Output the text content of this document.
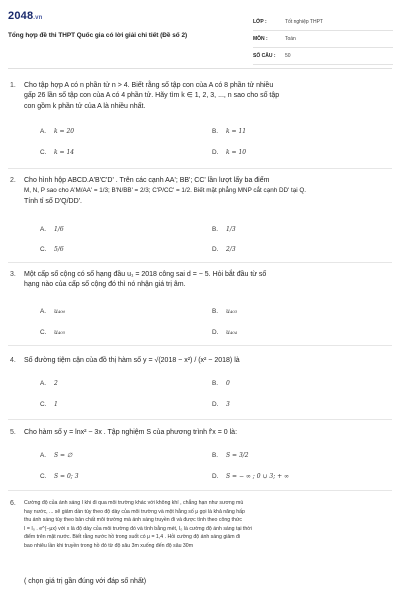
2048.vn
Tổng hợp đề thi THPT Quốc gia có lời giải chi tiết (Đề số 2)
LỚP :	Tốt nghiệp THPT
MÔN :	Toán
SỐ CÂU :	50
1. Cho tập hợp A có n phần tử n > 4. Biết rằng số tập con của A có 8 phần tử nhiều
gấp 26 lần số tập con của A có 4 phần tử. Hãy tìm k ∈ 1, 2, 3, ..., n sao cho số tập
con gồm k phần tử của A là nhiều nhất.
A.	k = 20	B.	k = 11
C.	k = 14	D.	k = 10
2. Cho hình hộp ABCD.A'B'C'D' . Trên các cạnh AA'; BB'; CC' lần lượt lấy ba điểm
M, N, P sao cho A'M/AA' = 1/3; B'N/BB' = 2/3; C'P/CC' = 1/2. Biết mặt phẳng MNP cắt cạnh DD' tại Q.
Tính tỉ số D'Q/DD'.
A.	1/6	B.	1/3
C.	5/6	D.	2/3
3. Một cấp số cộng có số hạng đầu u₁ = 2018 công sai d = − 5. Hỏi bắt đầu từ số
hạng nào của cấp số cộng đó thì nó nhận giá trị âm.
A.	u₄₀₆	B.	u₄₀₃
C.	u₄₀₅	D.	u₄₀₄
4. Số đường tiệm cận của đồ thị hàm số y = √(2018 − x²) / (x² − 2018) là
A.	2	B.	0
C.	1	D.	3
5. Cho hàm số y = lnx² − 3x . Tập nghiệm S của phương trình f'x = 0 là:
A.	S = ∅	B.	S = 3/2
C.	S = 0; 3	D.	S = − ∞ ; 0 ∪ 3; + ∞
6. Cường độ của ánh sáng I khi đi qua môi trường khác với không khí , chẳng hạn như sương mù
hay nước, ... sẽ giảm dần tùy theo độ dày của môi trường và một hằng số μ gọi là khả năng hấp
thu ánh sáng tùy theo bản chất môi trường mà ánh sáng truyền đi và được tính theo công thức
I = I₀ . e^(−μx) với x là độ dày của môi trường đó và tính bằng mét, I₀ là cường độ ánh sáng tại thời
điểm trên mặt nước. Biết rằng nước hồ trong suốt có μ = 1,4 . Hỏi cường độ ánh sáng giảm đi
bao nhiêu lần khi truyền trong hồ đó từ độ sâu 3m xuống đến độ sâu 30m
( chọn giá trị gần đúng với đáp số nhất)
